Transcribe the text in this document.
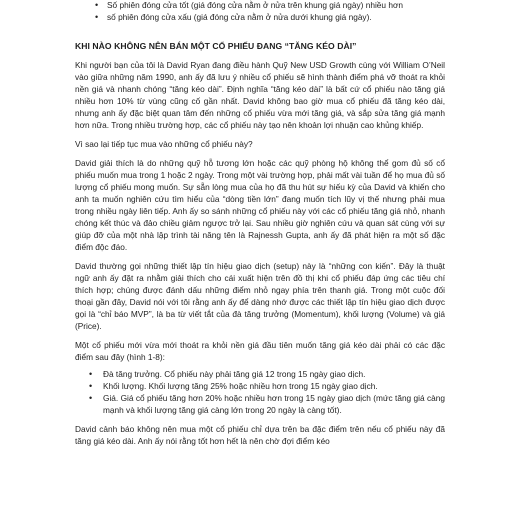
• Số phiên đóng cửa tốt (giá đóng cửa nằm ở nửa trên khung giá ngày) nhiều hơn
• số phiên đóng cửa xấu (giá đóng cửa nằm ở nửa dưới khung giá ngày).
KHI NÀO KHÔNG NÊN BÁN MỘT CỔ PHIẾU ĐANG “TĂNG KÉO DÀI”

Khi người bạn của tôi là David Ryan đang điều hành Quỹ New USD Growth cùng với William O’Neil vào giữa những năm 1990, anh ấy đã lưu ý nhiều cổ phiếu sẽ hình thành điểm phá vỡ thoát ra khỏi nền giá và nhanh chóng “tăng kéo dài”. Định nghĩa “tăng kéo dài” là bất cứ cổ phiếu nào tăng giá nhiều hơn 10% từ vùng cũng cố gần nhất. David không bao giờ mua cổ phiếu đã tăng kéo dài, nhưng anh ấy đặc biệt quan tâm đến những cổ phiếu vừa mới tăng giá, và sắp sửa tăng giá mạnh hơn nữa. Trong nhiều trường hợp, các cổ phiếu này tạo nên khoản lợi nhuận cao khủng khiếp.

Vì sao lại tiếp tục mua vào những cổ phiếu này?

David giải thích là do những quỹ hỗ tương lớn hoặc các quỹ phòng hộ không thể gom đủ số cổ phiếu muốn mua trong 1 hoặc 2 ngày. Trong một vài trường hợp, phải mất vài tuần để họ mua đủ số lượng cổ phiếu mong muốn. Sự sẵn lòng mua của họ đã thu hút sự hiếu kỳ của David và khiến cho anh ta muốn nghiên cứu tìm hiểu của “dòng tiền lớn” đang muốn tích lũy vị thế nhưng phải mua trong nhiều ngày liên tiếp. Anh ấy so sánh những cổ phiếu này với các cổ phiếu tăng giá nhỏ, nhanh chóng kết thúc và đảo chiều giảm ngược trở lại. Sau nhiều giờ nghiên cứu và quan sát cùng với sự giúp đỡ của một nhà lập trình tài năng tên là Rajnessh Gupta, anh ấy đã phát hiện ra một số đặc điểm độc đáo.

David thường gọi những thiết lập tín hiệu giao dịch (setup) này là “những con kiến”. Đây là thuật ngữ anh ấy đặt ra nhằm giải thích cho cái xuất hiện trên đồ thị khi cổ phiếu đáp ứng các tiêu chí thích hợp; chúng được đánh dấu những điểm nhỏ ngay phía trên thanh giá. Trong một cuộc đối thoại gần đây, David nói với tôi rằng anh ấy để dàng nhớ được các thiết lập tín hiệu giao dịch được gọi là “chỉ báo MVP”, là ba từ viết tắt của đà tăng trưởng (Momentum), khối lượng (Volume) và giá (Price).

Một cổ phiếu mới vừa mới thoát ra khỏi nền giá đầu tiên muốn tăng giá kéo dài phải có các đặc điểm sau đây (hình 1-8):

• Đà tăng trưởng. Cổ phiếu này phải tăng giá 12 trong 15 ngày giao dịch.
• Khối lượng. Khối lượng tăng 25% hoặc nhiều hơn trong 15 ngày giao dịch.
• Giá. Giá cổ phiếu tăng hơn 20% hoặc nhiều hơn trong 15 ngày giao dịch (mức tăng giá càng mạnh và khối lượng tăng giá càng lớn trong 20 ngày là càng tốt).

David cảnh báo không nên mua một cổ phiếu chỉ dựa trên ba đặc điểm trên nếu cổ phiếu này đã tăng giá kéo dài. Anh ấy nói rằng tốt hơn hết là nên chờ đợi điểm kéo
